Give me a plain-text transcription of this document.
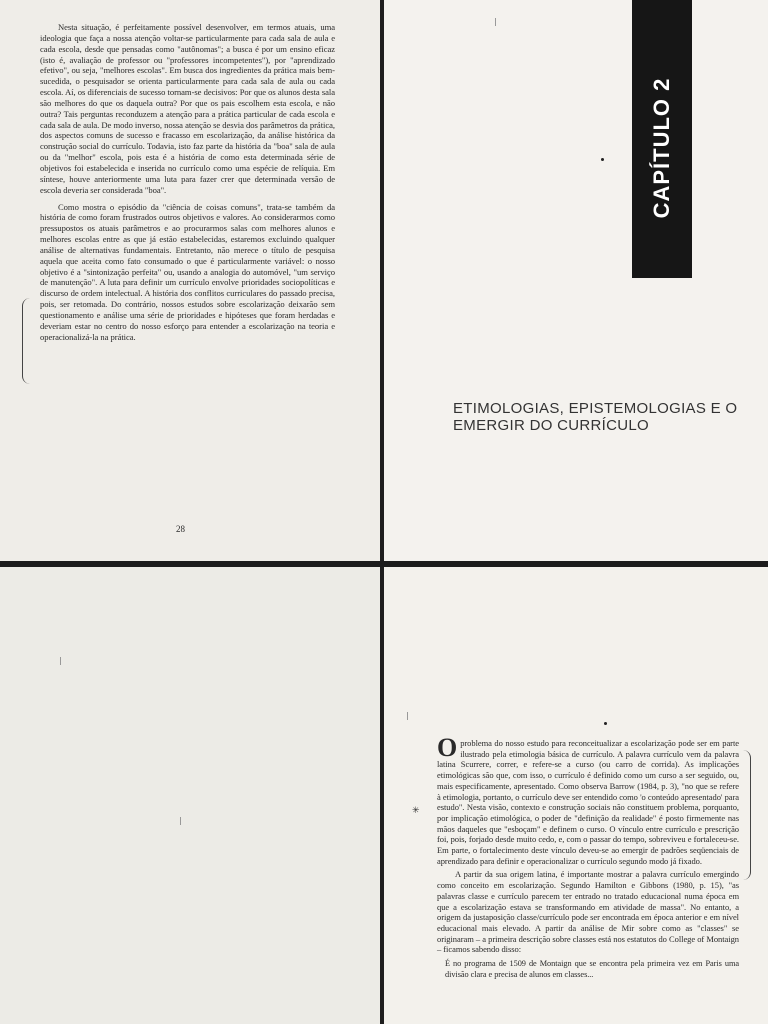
Nesta situação, é perfeitamente possível desenvolver, em termos atuais, uma ideologia que faça a nossa atenção voltar-se particularmente para cada sala de aula e cada escola, desde que pensadas como "autônomas"; a busca é por um ensino eficaz (isto é, avaliação de professor ou "professores incompetentes"), por "aprendizado efetivo", ou seja, "melhores escolas". Em busca dos ingredientes da prática mais bem-sucedida, o pesquisador se orienta particularmente para cada sala de aula ou cada escola. Aí, os diferenciais de sucesso tornam-se decisivos: Por que os alunos desta sala são melhores do que os daquela outra? Por que os pais escolhem esta escola, e não outra? Tais perguntas reconduzem a atenção para a prática particular de cada escola e cada sala de aula. De modo inverso, nossa atenção se desvia dos parâmetros da prática, dos aspectos comuns de sucesso e fracasso em escolarização, da análise histórica da construção social do currículo. Todavia, isto faz parte da história da "boa" sala de aula ou da "melhor" escola, pois esta é a história de como esta determinada série de objetivos foi estabelecida e inserida no currículo como uma espécie de relíquia. Em síntese, houve anteriormente uma luta para fazer crer que determinada versão de escola deveria ser considerada "boa".

Como mostra o episódio da "ciência de coisas comuns", trata-se também da história de como foram frustrados outros objetivos e valores. Ao considerarmos como pressupostos os atuais parâmetros e ao procurarmos salas com melhores alunos e melhores escolas entre as que já estão estabelecidas, estaremos excluindo qualquer análise de alternativas fundamentais. Entretanto, não merece o título de pesquisa aquela que aceita como fato consumado o que é particularmente variável: o nosso objetivo é a "sintonização perfeita" ou, usando a analogia do automóvel, "um serviço de manutenção". A luta para definir um currículo envolve prioridades sociopolíticas e discurso de ordem intelectual. A história dos conflitos curriculares do passado precisa, pois, ser retomada. Do contrário, nossos estudos sobre escolarização deixarão sem questionamento e análise uma série de prioridades e hipóteses que foram herdadas e deveriam estar no centro do nosso esforço para entender a escolarização na teoria e operacionalizá-la na prática.

28
CAPÍTULO 2
ETIMOLOGIAS, EPISTEMOLOGIAS E O
EMERGIR DO CURRÍCULO

O problema do nosso estudo para reconceitualizar a escolarização pode ser em parte ilustrado pela etimologia básica de currículo. A palavra currículo vem da palavra latina Scurrere, correr, e refere-se a curso (ou carro de corrida). As implicações etimológicas são que, com isso, o currículo é definido como um curso a ser seguido, ou, mais especificamente, apresentado. Como observa Barrow (1984, p. 3), "no que se refere à etimologia, portanto, o currículo deve ser entendido como 'o conteúdo apresentado' para estudo". Nesta visão, contexto e construção sociais não constituem problema, porquanto, por implicação etimológica, o poder de "definição da realidade" é posto firmemente nas mãos daqueles que "esboçam" e definem o curso. O vínculo entre currículo e prescrição foi, pois, forjado desde muito cedo, e, com o passar do tempo, sobreviveu e fortaleceu-se. Em parte, o fortalecimento deste vínculo deveu-se ao emergir de padrões seqüenciais de aprendizado para definir e operacionalizar o currículo segundo modo já fixado.

A partir da sua origem latina, é importante mostrar a palavra currículo emergindo como conceito em escolarização. Segundo Hamilton e Gibbons (1980, p. 15), "as palavras classe e currículo parecem ter entrado no tratado educacional numa época em que a escolarização estava se transformando em atividade de massa". No entanto, a origem da justaposição classe/currículo pode ser encontrada em época anterior e em nível educacional mais elevado. A partir da análise de Mir sobre como as "classes" se originaram – a primeira descrição sobre classes está nos estatutos do College of Montaign – ficamos sabendo disso:

É no programa de 1509 de Montaign que se encontra pela primeira vez em Paris uma divisão clara e precisa de alunos em classes...

✳
